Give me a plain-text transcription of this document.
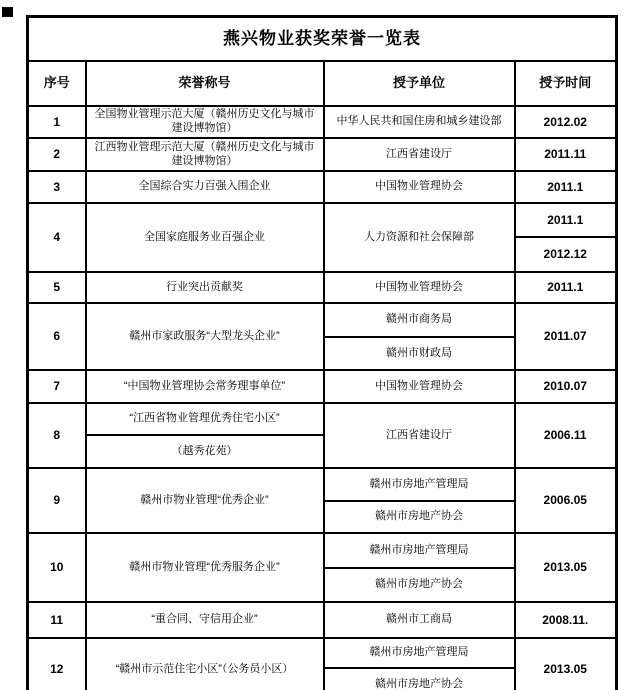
燕兴物业获奖荣誉一览表			
序号	荣誉称号	授予单位	授予时间
1	全国物业管理示范大厦（赣州历史文化与城市建设博物馆）	中华人民共和国住房和城乡建设部	2012.02
2	江西物业管理示范大厦（赣州历史文化与城市建设博物馆）	江西省建设厅	2011.11
3	全国综合实力百强入围企业	中国物业管理协会	2011.1
4	全国家庭服务业百强企业	人力资源和社会保障部	2011.1
			2012.12
5	行业突出贡献奖	中国物业管理协会	2011.1
6	赣州市家政服务“大型龙头企业”	赣州市商务局	2011.07
		赣州市财政局	
7	“中国物业管理协会常务理事单位”	中国物业管理协会	2010.07
8	“江西省物业管理优秀住宅小区”	江西省建设厅	2006.11
	（越秀花苑）		
9	赣州市物业管理“优秀企业”	赣州市房地产管理局	2006.05
		赣州市房地产协会	
10	赣州市物业管理“优秀服务企业”	赣州市房地产管理局	2013.05
		赣州市房地产协会	
11	“重合同、守信用企业”	赣州市工商局	2008.11.
12	“赣州市示范住宅小区”（公务员小区）	赣州市房地产管理局	2013.05
		赣州市房地产协会	
